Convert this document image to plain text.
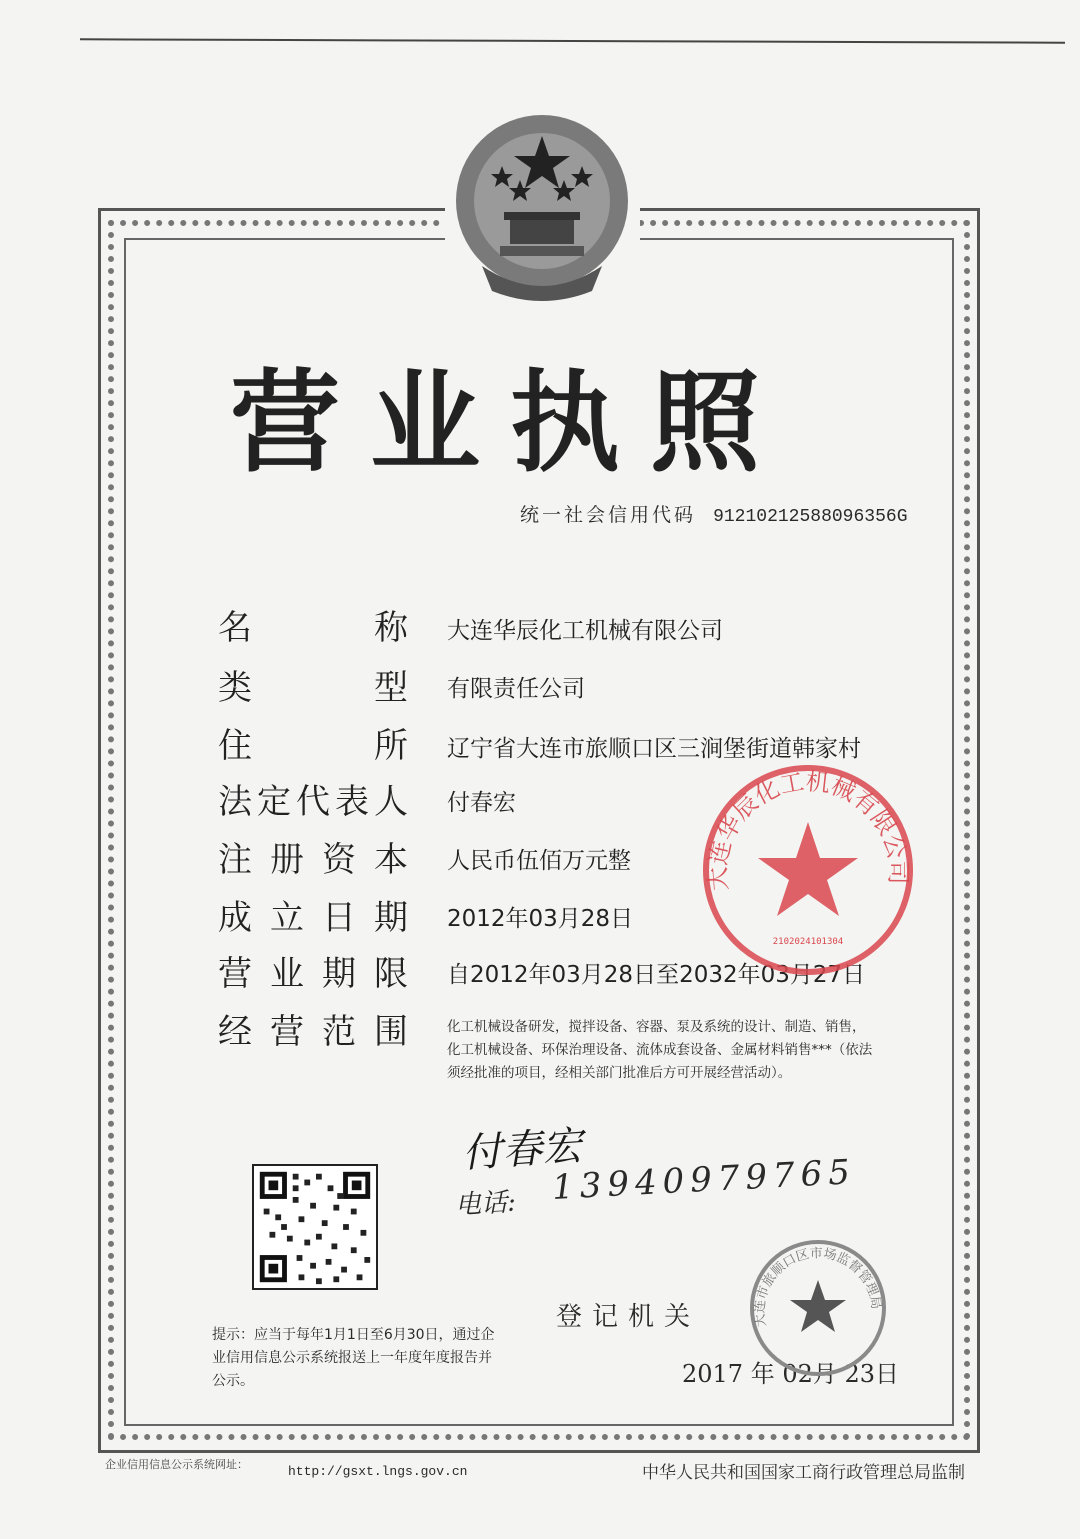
营业执照
统一社会信用代码 91210212588096356G
名称 大连华辰化工机械有限公司
类型 有限责任公司
住所 辽宁省大连市旅顺口区三涧堡街道韩家村
法定代表人 付春宏
注册资本 人民币伍佰万元整
成立日期 2012年03月28日
营业期限 自2012年03月28日至2032年03月27日
经营范围	化工机械设备研发，搅拌设备、容器、泵及系统的设计、制造、销售，
化工机械设备、环保治理设备、流体成套设备、金属材料销售***（依法
须经批准的项目，经相关部门批准后方可开展经营活动）。
大连华辰化工机械有限公司
2102024101304
付春宏
电话: 13940979765
提示：应当于每年1月1日至6月30日，通过企业信用信息公示系统报送上一年度年度报告并公示。
登记机关
2017 年 02月 23日
大连市旅顺口区市场监督管理局
企业信用信息公示系统网址：	http://gsxt.lngs.gov.cn	中华人民共和国国家工商行政管理总局监制
